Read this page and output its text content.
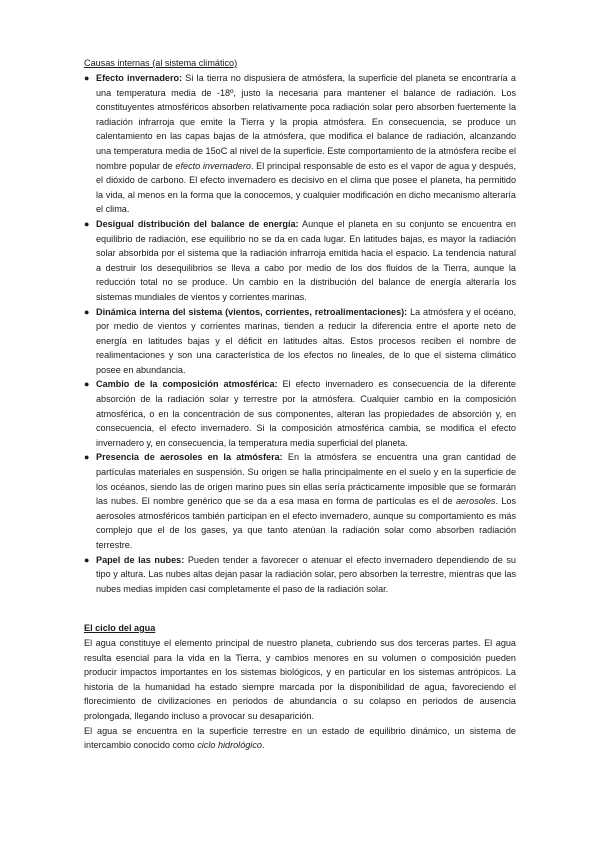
Causas internas (al sistema climático)
● Efecto invernadero: Si la tierra no dispusiera de atmósfera, la superficie del planeta se encontraría a una temperatura media de -18º, justo la necesaria para mantener el balance de radiación. Los constituyentes atmosféricos absorben relativamente poca radiación solar pero absorben fuertemente la radiación infrarroja que emite la Tierra y la propia atmósfera. En consecuencia, se produce un calentamiento en las capas bajas de la atmósfera, que modifica el balance de radiación, alcanzando una temperatura media de 15oC al nivel de la superficie. Este comportamiento de la atmósfera recibe el nombre popular de efecto invernadero. El principal responsable de esto es el vapor de agua y después, el dióxido de carbono. El efecto invernadero es decisivo en el clima que posee el planeta, ha permitido la vida, al menos en la forma que la conocemos, y cualquier modificación en dicho mecanismo alteraría el clima.
● Desigual distribución del balance de energía: Aunque el planeta en su conjunto se encuentra en equilibrio de radiación, ese equilibrio no se da en cada lugar. En latitudes bajas, es mayor la radiación solar absorbida por el sistema que la radiación infrarroja emitida hacia el espacio. La tendencia natural a destruir los desequilibrios se lleva a cabo por medio de los dos fluidos de la Tierra, aunque la reducción total no se produce. Un cambio en la distribución del balance de energía alteraría los sistemas mundiales de vientos y corrientes marinas.
● Dinámica interna del sistema (vientos, corrientes, retroalimentaciones): La atmósfera y el océano, por medio de vientos y corrientes marinas, tienden a reducir la diferencia entre el aporte neto de energía en latitudes bajas y el déficit en latitudes altas. Estos procesos reciben el nombre de realimentaciones y son una característica de los efectos no lineales, de lo que el sistema climático posee en abundancia.
● Cambio de la composición atmosférica: El efecto invernadero es consecuencia de la diferente absorción de la radiación solar y terrestre por la atmósfera. Cualquier cambio en la composición atmosférica, o en la concentración de sus componentes, alteran las propiedades de absorción y, en consecuencia, el efecto invernadero. Si la composición atmosférica cambia, se modifica el efecto invernadero y, en consecuencia, la temperatura media superficial del planeta.
● Presencia de aerosoles en la atmósfera: En la atmósfera se encuentra una gran cantidad de partículas materiales en suspensión. Su origen se halla principalmente en el suelo y en la superficie de los océanos, siendo las de origen marino pues sin ellas sería prácticamente imposible que se formarán las nubes. El nombre genérico que se da a esa masa en forma de partículas es el de aerosoles. Los aerosoles atmosféricos también participan en el efecto invernadero, aunque su comportamiento es más complejo que el de los gases, ya que tanto atenúan la radiación solar como absorben radiación terrestre.
● Papel de las nubes: Pueden tender a favorecer o atenuar el efecto invernadero dependiendo de su tipo y altura. Las nubes altas dejan pasar la radiación solar, pero absorben la terrestre, mientras que las nubes medias impiden casi completamente el paso de la radiación solar.
El ciclo del agua

El agua constituye el elemento principal de nuestro planeta, cubriendo sus dos terceras partes. El agua resulta esencial para la vida en la Tierra, y cambios menores en su volumen o composición pueden producir impactos importantes en los sistemas biológicos, y en particular en los sistemas antrópicos. La historia de la humanidad ha estado siempre marcada por la disponibilidad de agua, favoreciendo el florecimiento de civilizaciones en periodos de abundancia o su colapso en periodos de ausencia prolongada, llegando incluso a provocar su desaparición.

El agua se encuentra en la superficie terrestre en un estado de equilibrio dinámico, un sistema de intercambio conocido como ciclo hidrológico.
